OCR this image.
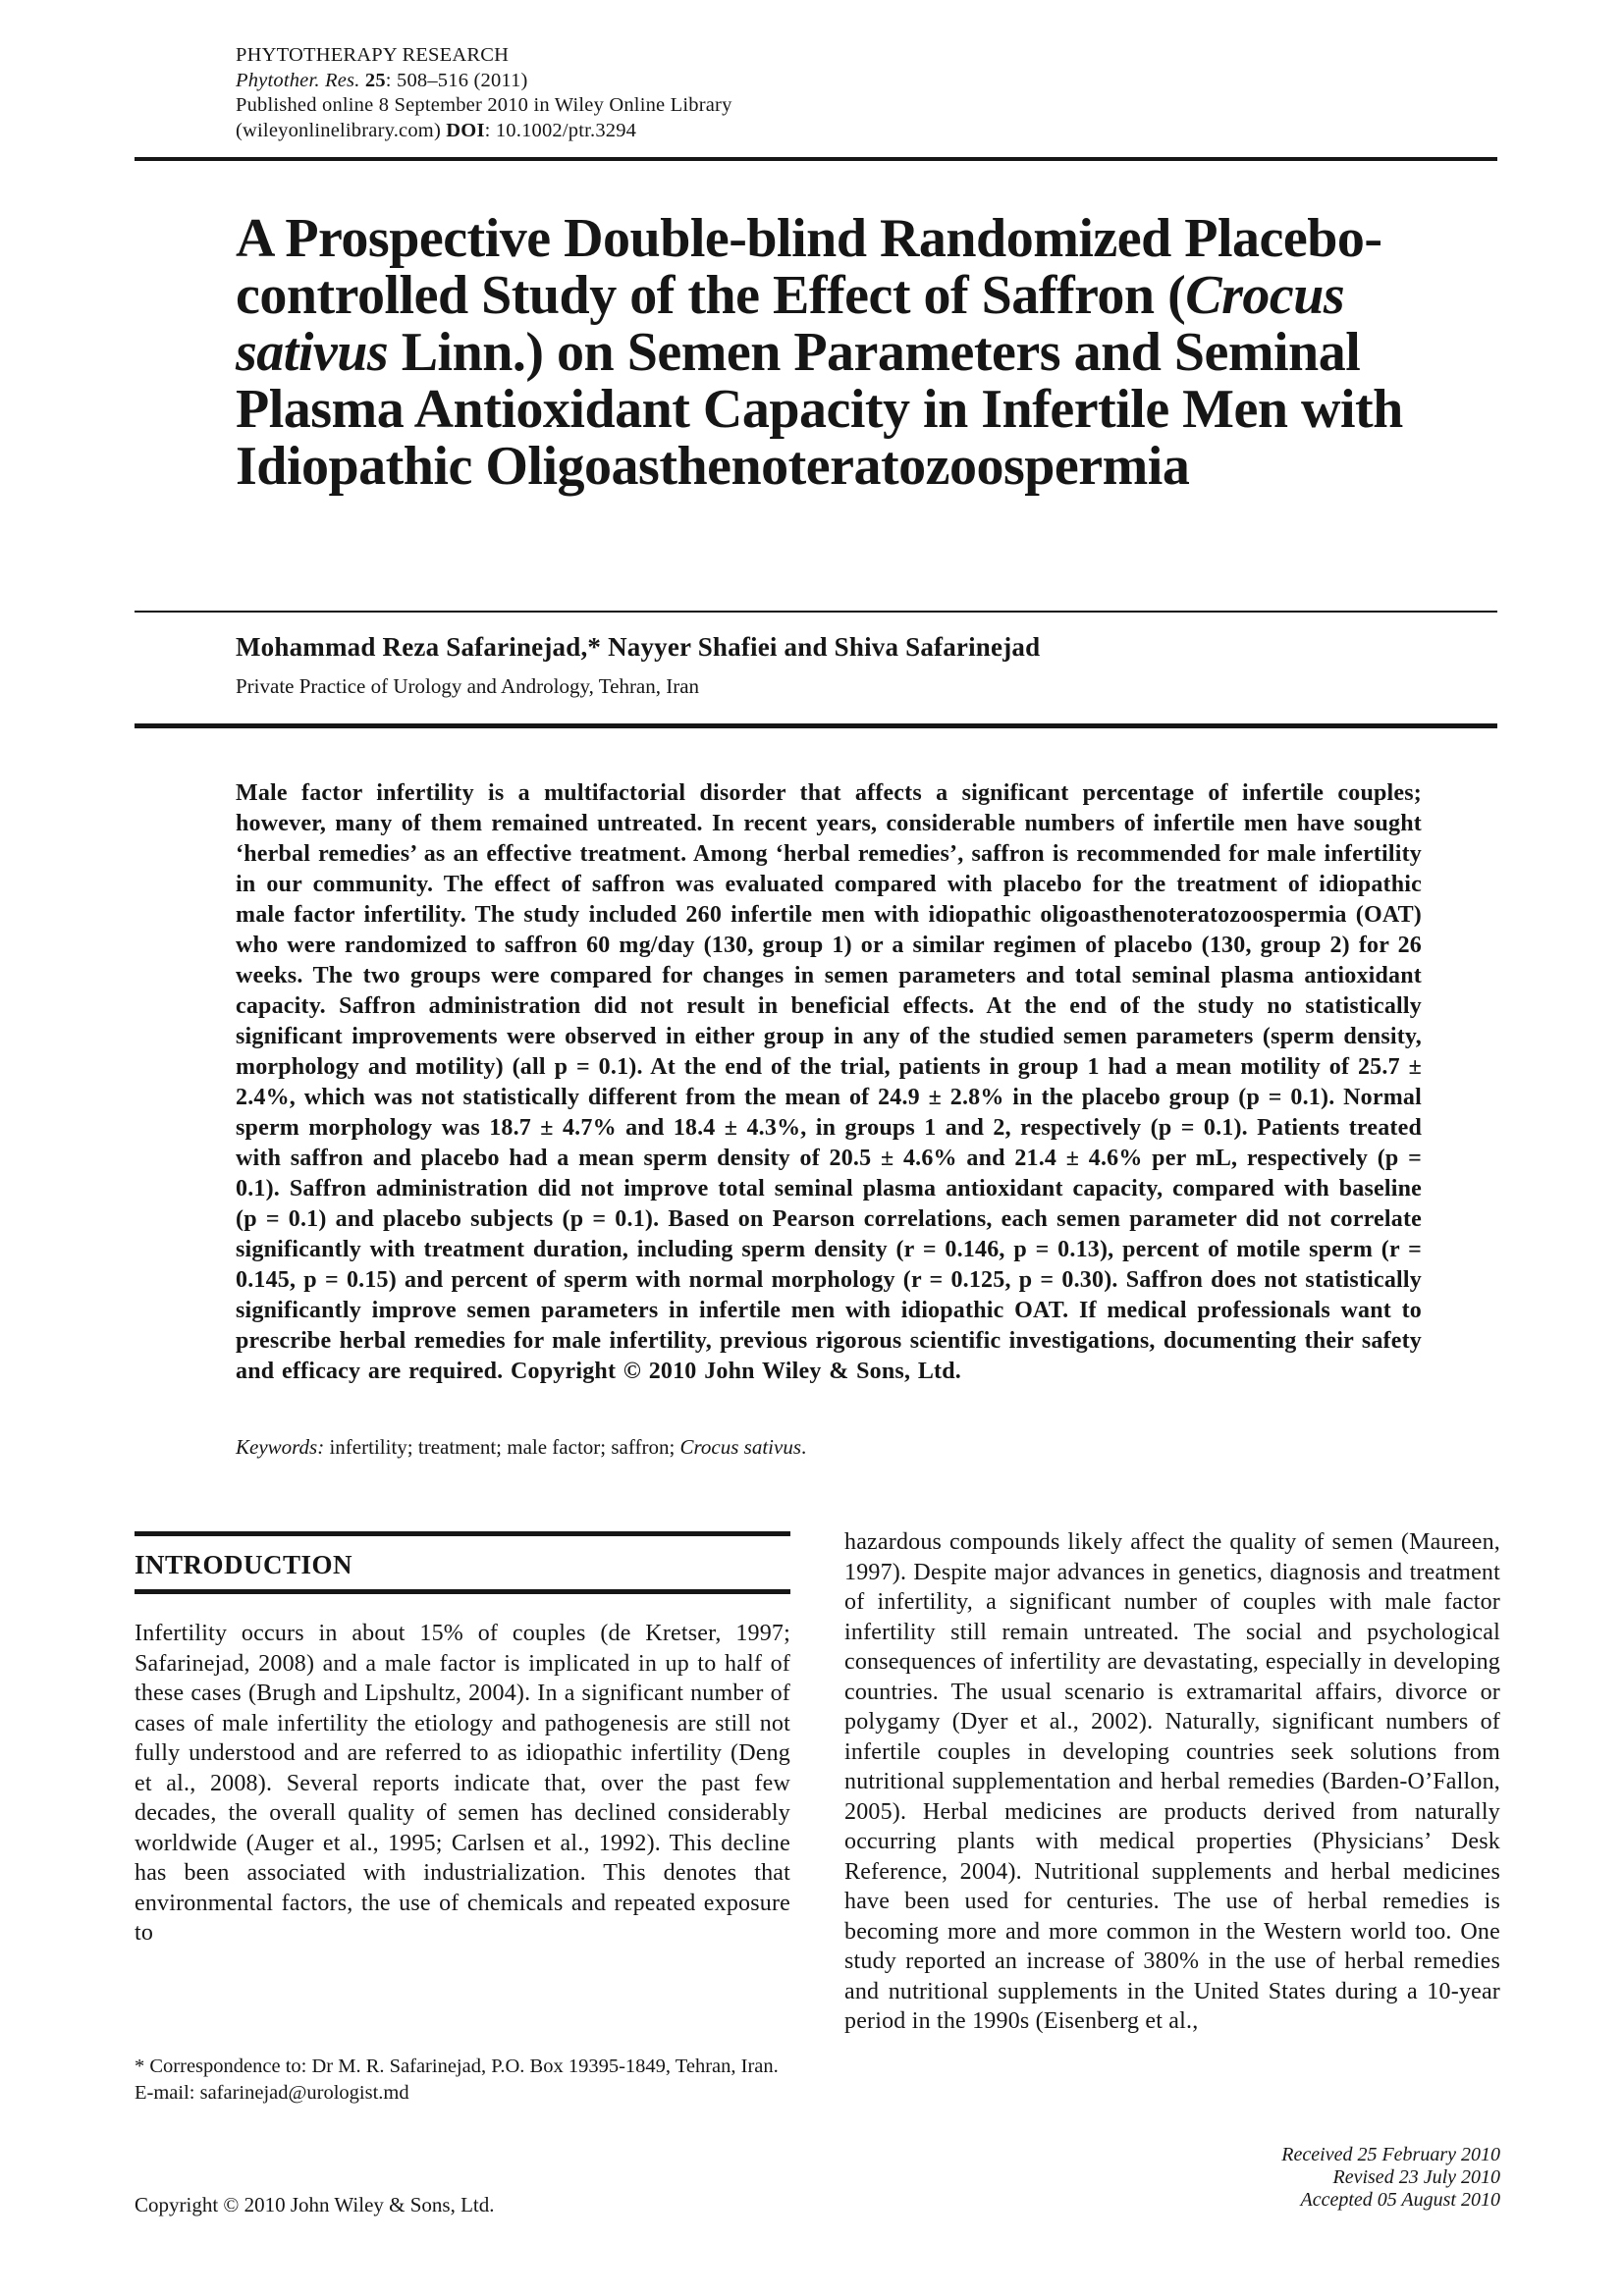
PHYTOTHERAPY RESEARCH
Phytother. Res. 25: 508–516 (2011)
Published online 8 September 2010 in Wiley Online Library
(wileyonlinelibrary.com) DOI: 10.1002/ptr.3294
A Prospective Double-blind Randomized Placebo-controlled Study of the Effect of Saffron (Crocus sativus Linn.) on Semen Parameters and Seminal Plasma Antioxidant Capacity in Infertile Men with Idiopathic Oligoasthenoteratozoospermia
Mohammad Reza Safarinejad,* Nayyer Shafiei and Shiva Safarinejad
Private Practice of Urology and Andrology, Tehran, Iran
Male factor infertility is a multifactorial disorder that affects a significant percentage of infertile couples; however, many of them remained untreated. In recent years, considerable numbers of infertile men have sought ‘herbal remedies’ as an effective treatment. Among ‘herbal remedies’, saffron is recommended for male infertility in our community. The effect of saffron was evaluated compared with placebo for the treatment of idiopathic male factor infertility. The study included 260 infertile men with idiopathic oligoasthenoteratozoospermia (OAT) who were randomized to saffron 60 mg/day (130, group 1) or a similar regimen of placebo (130, group 2) for 26 weeks. The two groups were compared for changes in semen parameters and total seminal plasma antioxidant capacity. Saffron administration did not result in beneficial effects. At the end of the study no statistically significant improvements were observed in either group in any of the studied semen parameters (sperm density, morphology and motility) (all p = 0.1). At the end of the trial, patients in group 1 had a mean motility of 25.7 ± 2.4%, which was not statistically different from the mean of 24.9 ± 2.8% in the placebo group (p = 0.1). Normal sperm morphology was 18.7 ± 4.7% and 18.4 ± 4.3%, in groups 1 and 2, respectively (p = 0.1). Patients treated with saffron and placebo had a mean sperm density of 20.5 ± 4.6% and 21.4 ± 4.6% per mL, respectively (p = 0.1). Saffron administration did not improve total seminal plasma antioxidant capacity, compared with baseline (p = 0.1) and placebo subjects (p = 0.1). Based on Pearson correlations, each semen parameter did not correlate significantly with treatment duration, including sperm density (r = 0.146, p = 0.13), percent of motile sperm (r = 0.145, p = 0.15) and percent of sperm with normal morphology (r = 0.125, p = 0.30). Saffron does not statistically significantly improve semen parameters in infertile men with idiopathic OAT. If medical professionals want to prescribe herbal remedies for male infertility, previous rigorous scientific investigations, documenting their safety and efficacy are required. Copyright © 2010 John Wiley & Sons, Ltd.
Keywords: infertility; treatment; male factor; saffron; Crocus sativus.
INTRODUCTION

Infertility occurs in about 15% of couples (de Kretser, 1997; Safarinejad, 2008) and a male factor is implicated in up to half of these cases (Brugh and Lipshultz, 2004). In a significant number of cases of male infertility the etiology and pathogenesis are still not fully understood and are referred to as idiopathic infertility (Deng et al., 2008). Several reports indicate that, over the past few decades, the overall quality of semen has declined considerably worldwide (Auger et al., 1995; Carlsen et al., 1992). This decline has been associated with industrialization. This denotes that environmental factors, the use of chemicals and repeated exposure to

hazardous compounds likely affect the quality of semen (Maureen, 1997). Despite major advances in genetics, diagnosis and treatment of infertility, a significant number of couples with male factor infertility still remain untreated. The social and psychological consequences of infertility are devastating, especially in developing countries. The usual scenario is extramarital affairs, divorce or polygamy (Dyer et al., 2002). Naturally, significant numbers of infertile couples in developing countries seek solutions from nutritional supplementation and herbal remedies (Barden-O’Fallon, 2005). Herbal medicines are products derived from naturally occurring plants with medical properties (Physicians’ Desk Reference, 2004). Nutritional supplements and herbal medicines have been used for centuries. The use of herbal remedies is becoming more and more common in the Western world too. One study reported an increase of 380% in the use of herbal remedies and nutritional supplements in the United States during a 10-year period in the 1990s (Eisenberg et al.,

* Correspondence to: Dr M. R. Safarinejad, P.O. Box 19395-1849, Tehran, Iran.
E-mail: safarinejad@urologist.md
Received 25 February 2010
Revised 23 July 2010
Accepted 05 August 2010
Copyright © 2010 John Wiley & Sons, Ltd.
